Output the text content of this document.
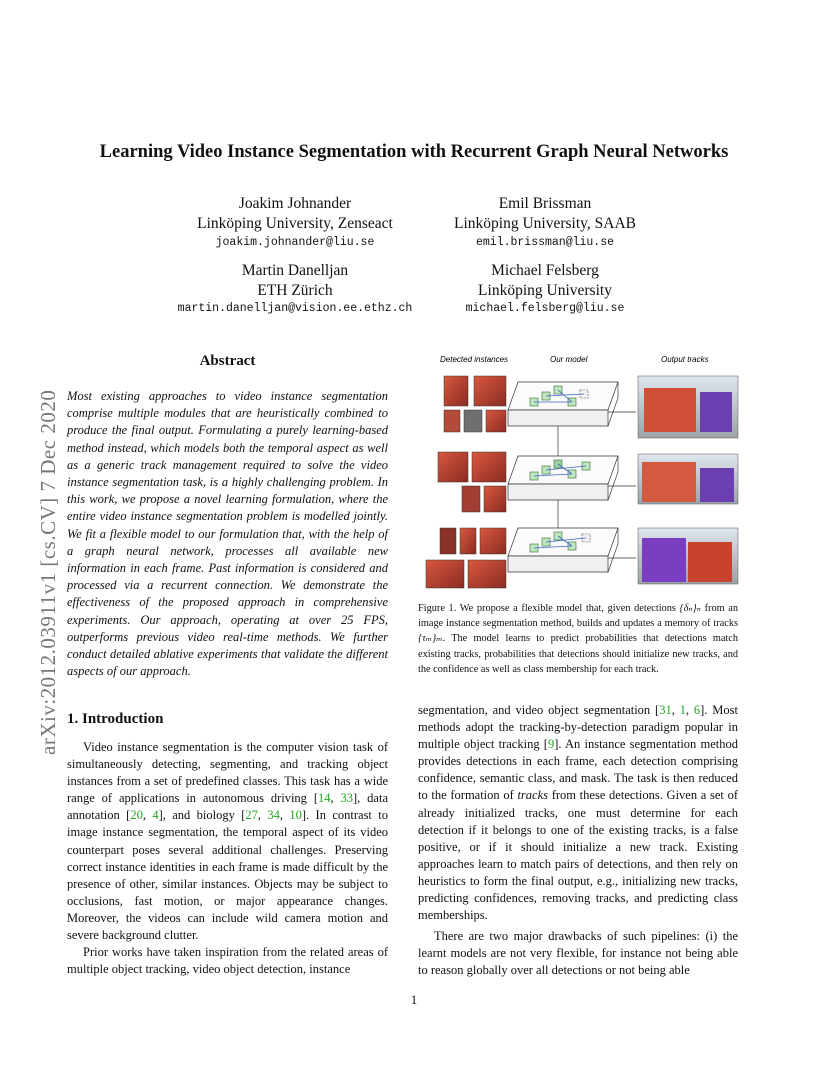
arXiv:2012.03911v1 [cs.CV] 7 Dec 2020
Learning Video Instance Segmentation with Recurrent Graph Neural Networks
Joakim Johnander
Linköping University, Zenseact
joakim.johnander@liu.se
Emil Brissman
Linköping University, SAAB
emil.brissman@liu.se
Martin Danelljan
ETH Zürich
martin.danelljan@vision.ee.ethz.ch
Michael Felsberg
Linköping University
michael.felsberg@liu.se
Abstract
Most existing approaches to video instance segmentation comprise multiple modules that are heuristically combined to produce the final output. Formulating a purely learning-based method instead, which models both the temporal aspect as well as a generic track management required to solve the video instance segmentation task, is a highly challenging problem. In this work, we propose a novel learning formulation, where the entire video instance segmentation problem is modelled jointly. We fit a flexible model to our formulation that, with the help of a graph neural network, processes all available new information in each frame. Past information is considered and processed via a recurrent connection. We demonstrate the effectiveness of the proposed approach in comprehensive experiments. Our approach, operating at over 25 FPS, outperforms previous video real-time methods. We further conduct detailed ablative experiments that validate the different aspects of our approach.
Detected instances	Our model	Output tracks
Figure 1. We propose a flexible model that, given detections {δₙ}ₙ from an image instance segmentation method, builds and updates a memory of tracks {τₘ}ₘ. The model learns to predict probabilities that detections match existing tracks, probabilities that detections should initialize new tracks, and the confidence as well as class membership for each track.
1. Introduction

Video instance segmentation is the computer vision task of simultaneously detecting, segmenting, and tracking object instances from a set of predefined classes. This task has a wide range of applications in autonomous driving [14, 33], data annotation [20, 4], and biology [27, 34, 10]. In contrast to image instance segmentation, the temporal aspect of its video counterpart poses several additional challenges. Preserving correct instance identities in each frame is made difficult by the presence of other, similar instances. Objects may be subject to occlusions, fast motion, or major appearance changes. Moreover, the videos can include wild camera motion and severe background clutter.

Prior works have taken inspiration from the related areas of multiple object tracking, video object detection, instance

segmentation, and video object segmentation [31, 1, 6]. Most methods adopt the tracking-by-detection paradigm popular in multiple object tracking [9]. An instance segmentation method provides detections in each frame, each detection comprising confidence, semantic class, and mask. The task is then reduced to the formation of tracks from these detections. Given a set of already initialized tracks, one must determine for each detection if it belongs to one of the existing tracks, is a false positive, or if it should initialize a new track. Existing approaches learn to match pairs of detections, and then rely on heuristics to form the final output, e.g., initializing new tracks, predicting confidences, removing tracks, and predicting class memberships.

There are two major drawbacks of such pipelines: (i) the learnt models are not very flexible, for instance not being able to reason globally over all detections or not being able

1
